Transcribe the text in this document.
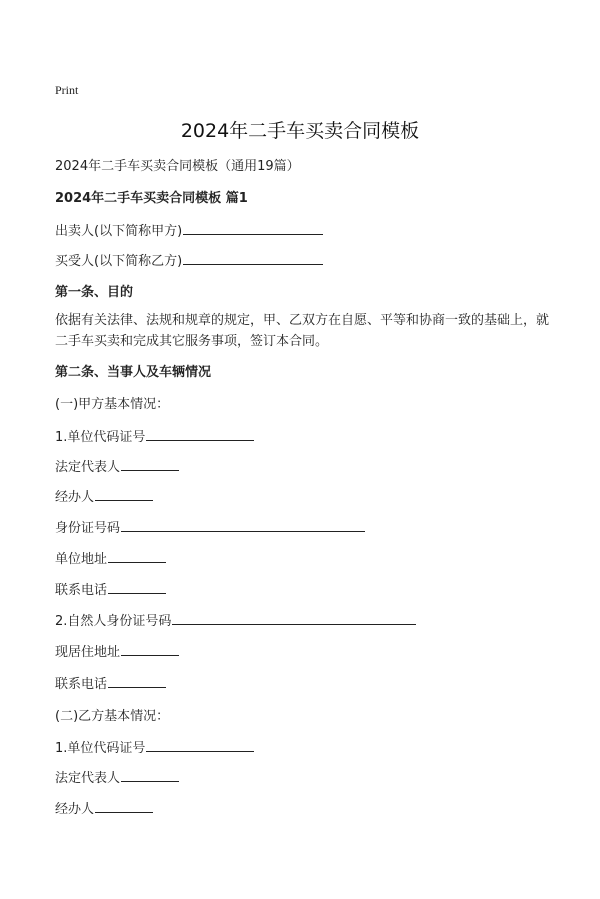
Print
2024年二手车买卖合同模板
2024年二手车买卖合同模板（通用19篇）
2024年二手车买卖合同模板 篇1
出卖人(以下简称甲方)
买受人(以下简称乙方)
第一条、目的
依据有关法律、法规和规章的规定，甲、乙双方在自愿、平等和协商一致的基础上，就二手车买卖和完成其它服务事项，签订本合同。
第二条、当事人及车辆情况
(一)甲方基本情况：
1.单位代码证号
法定代表人
经办人
身份证号码
单位地址
联系电话
2.自然人身份证号码
现居住地址
联系电话
(二)乙方基本情况：
1.单位代码证号
法定代表人
经办人
